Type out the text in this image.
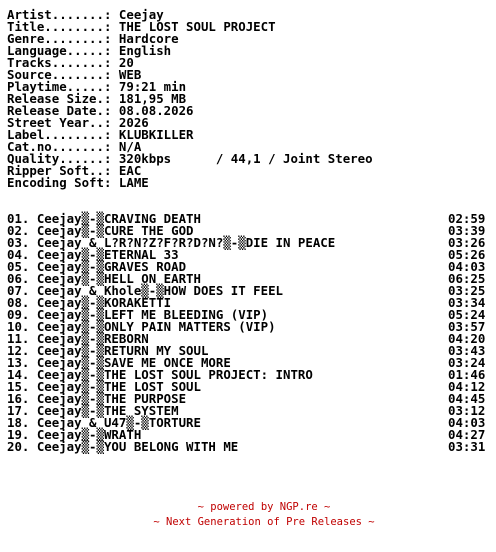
Artist.......: Ceejay
Title........: THE LOST SOUL PROJECT
Genre........: Hardcore
Language.....: English
Tracks.......: 20
Source.......: WEB
Playtime.....: 79:21 min
Release Size.: 181,95 MB
Release Date.: 08.08.2026
Street Year..: 2026
Label........: KLUBKILLER
Cat.no.......: N/A
Quality......: 320kbps      / 44,1 / Joint Stereo
Ripper Soft..: EAC
Encoding Soft: LAME
01. Ceejay▒-▒CRAVING DEATH	02:59
02. Ceejay▒-▒CURE THE GOD	03:39
03. Ceejay & L?R?N?Z?F?R?D?N?▒-▒DIE IN PEACE	03:26
04. Ceejay▒-▒ETERNAL 33	05:26
05. Ceejay▒-▒GRAVES ROAD	04:03
06. Ceejay▒-▒HELL ON EARTH	06:25
07. Ceejay & Khole▒-▒HOW DOES IT FEEL	03:25
08. Ceejay▒-▒KORAKETTI	03:34
09. Ceejay▒-▒LEFT ME BLEEDING (VIP)	05:24
10. Ceejay▒-▒ONLY PAIN MATTERS (VIP)	03:57
11. Ceejay▒-▒REBORN	04:20
12. Ceejay▒-▒RETURN MY SOUL	03:43
13. Ceejay▒-▒SAVE ME ONCE MORE	03:24
14. Ceejay▒-▒THE LOST SOUL PROJECT: INTRO	01:46
15. Ceejay▒-▒THE LOST SOUL	04:12
16. Ceejay▒-▒THE PURPOSE	04:45
17. Ceejay▒-▒THE SYSTEM	03:12
18. Ceejay & U47▒-▒TORTURE	04:03
19. Ceejay▒-▒WRATH	04:27
20. Ceejay▒-▒YOU BELONG WITH ME	03:31
~ powered by NGP.re ~
~ Next Generation of Pre Releases ~
